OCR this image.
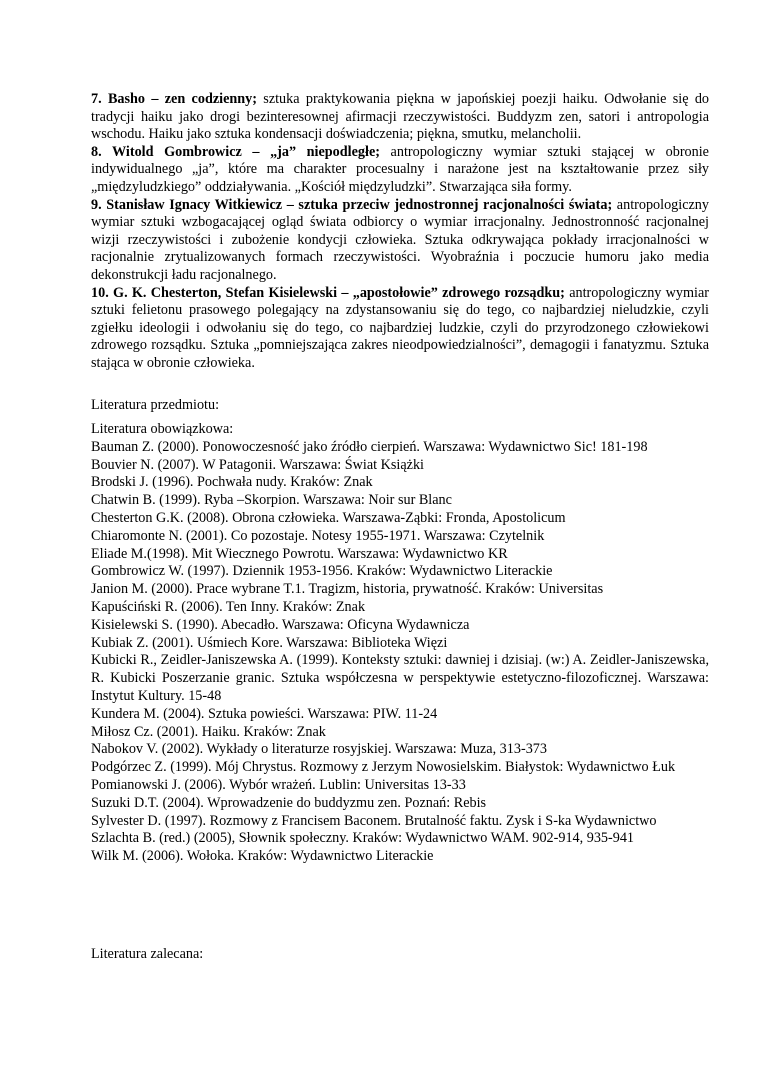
7. Basho – zen codzienny; sztuka praktykowania piękna w japońskiej poezji haiku. Odwołanie się do tradycji haiku jako drogi bezinteresownej afirmacji rzeczywistości. Buddyzm zen, satori i antropologia wschodu. Haiku jako sztuka kondensacji doświadczenia; piękna, smutku, melancholii.

8. Witold Gombrowicz – „ja” niepodległe; antropologiczny wymiar sztuki stającej w obronie indywidualnego „ja”, które ma charakter procesualny i narażone jest na kształtowanie przez siły „międzyludzkiego” oddziaływania. „Kościół międzyludzki”. Stwarzająca siła formy.

9. Stanisław Ignacy Witkiewicz – sztuka przeciw jednostronnej racjonalności świata; antropologiczny wymiar sztuki wzbogacającej ogląd świata odbiorcy o wymiar irracjonalny. Jednostronność racjonalnej wizji rzeczywistości i zubożenie kondycji człowieka. Sztuka odkrywająca pokłady irracjonalności w racjonalnie zrytualizowanych formach rzeczywistości. Wyobraźnia i poczucie humoru jako media dekonstrukcji ładu racjonalnego.

10. G. K. Chesterton, Stefan Kisielewski – „apostołowie” zdrowego rozsądku; antropologiczny wymiar sztuki felietonu prasowego polegający na zdystansowaniu się do tego, co najbardziej nieludzkie, czyli zgiełku ideologii i odwołaniu się do tego, co najbardziej ludzkie, czyli do przyrodzonego człowiekowi zdrowego rozsądku. Sztuka „pomniejszająca zakres nieodpowiedzialności”, demagogii i fanatyzmu. Sztuka stająca w obronie człowieka.

Literatura przedmiotu:

Literatura obowiązkowa:

Bauman Z. (2000). Ponowoczesność jako źródło cierpień. Warszawa: Wydawnictwo Sic! 181-198

Bouvier N. (2007). W Patagonii. Warszawa: Świat Książki

Brodski J. (1996). Pochwała nudy. Kraków: Znak

Chatwin B. (1999). Ryba –Skorpion. Warszawa: Noir sur Blanc

Chesterton G.K. (2008). Obrona człowieka. Warszawa-Ząbki: Fronda, Apostolicum

Chiaromonte N. (2001). Co pozostaje. Notesy 1955-1971. Warszawa: Czytelnik

Eliade M.(1998). Mit Wiecznego Powrotu. Warszawa: Wydawnictwo KR

Gombrowicz W. (1997). Dziennik 1953-1956. Kraków: Wydawnictwo Literackie

Janion M. (2000). Prace wybrane T.1. Tragizm, historia, prywatność. Kraków: Universitas

Kapuściński R. (2006). Ten Inny. Kraków: Znak

Kisielewski S. (1990). Abecadło. Warszawa: Oficyna Wydawnicza

Kubiak Z. (2001). Uśmiech Kore. Warszawa: Biblioteka Więzi

Kubicki R., Zeidler-Janiszewska A. (1999). Konteksty sztuki: dawniej i dzisiaj. (w:) A. Zeidler-Janiszewska, R. Kubicki Poszerzanie granic. Sztuka współczesna w perspektywie estetyczno-filozoficznej. Warszawa: Instytut Kultury. 15-48

Kundera M. (2004). Sztuka powieści. Warszawa: PIW. 11-24

Miłosz Cz. (2001). Haiku. Kraków: Znak

Nabokov V. (2002). Wykłady o literaturze rosyjskiej. Warszawa: Muza, 313-373

Podgórzec Z. (1999). Mój Chrystus. Rozmowy z Jerzym Nowosielskim. Białystok: Wydawnictwo Łuk

Pomianowski J. (2006). Wybór wrażeń. Lublin: Universitas 13-33

Suzuki D.T. (2004). Wprowadzenie do buddyzmu zen. Poznań: Rebis

Sylvester D. (1997). Rozmowy z Francisem Baconem. Brutalność faktu. Zysk i S-ka Wydawnictwo

Szlachta B. (red.) (2005), Słownik społeczny. Kraków: Wydawnictwo WAM. 902-914, 935-941

Wilk M. (2006). Wołoka. Kraków: Wydawnictwo Literackie

Literatura zalecana:
